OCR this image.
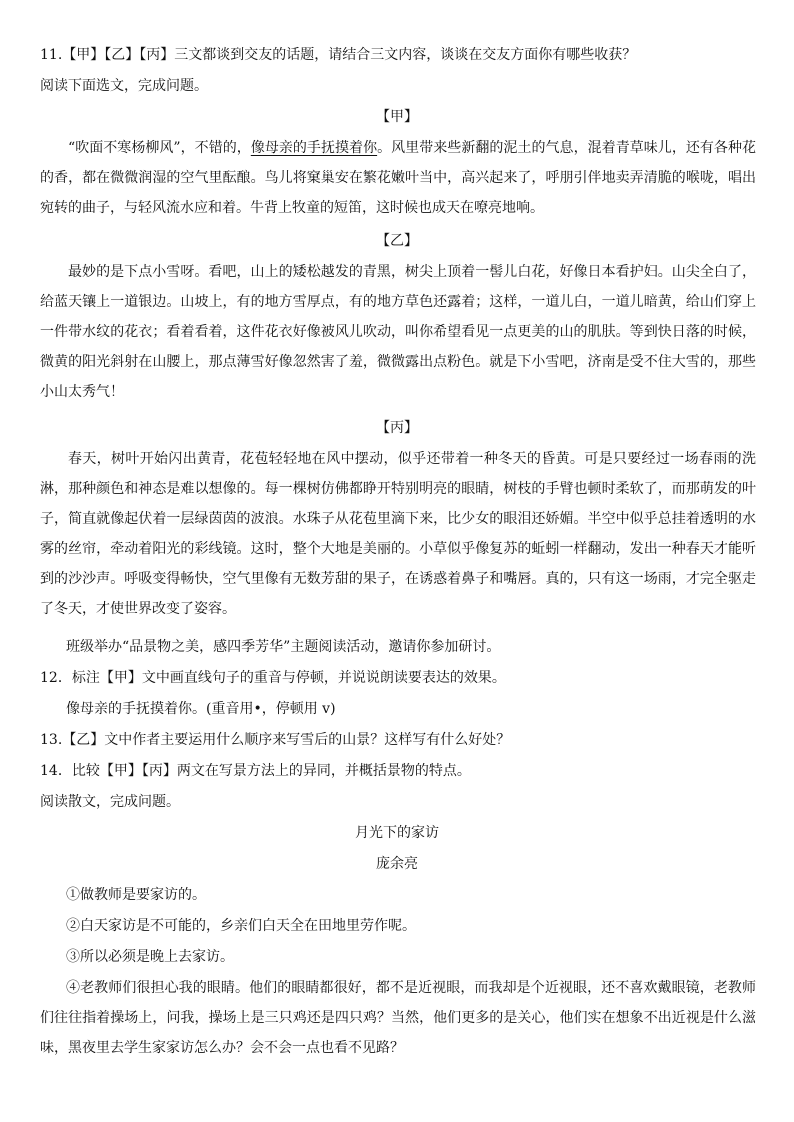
11.【甲】【乙】【丙】三文都谈到交友的话题，请结合三文内容，谈谈在交友方面你有哪些收获？
阅读下面选文，完成问题。
【甲】
“吹面不寒杨柳风”，不错的，像母亲的手抚摸着你。风里带来些新翻的泥土的气息，混着青草味儿，还有各种花的香，都在微微润湿的空气里酝酿。鸟儿将窠巢安在繁花嫩叶当中，高兴起来了，呼朋引伴地卖弄清脆的喉咙，唱出宛转的曲子，与轻风流水应和着。牛背上牧童的短笛，这时候也成天在嘹亮地响。
【乙】
最妙的是下点小雪呀。看吧，山上的矮松越发的青黑，树尖上顶着一髻儿白花，好像日本看护妇。山尖全白了，给蓝天镶上一道银边。山坡上，有的地方雪厚点，有的地方草色还露着；这样，一道儿白，一道儿暗黄，给山们穿上一件带水纹的花衣；看着看着，这件花衣好像被风儿吹动，叫你希望看见一点更美的山的肌肤。等到快日落的时候，微黄的阳光斜射在山腰上，那点薄雪好像忽然害了羞，微微露出点粉色。就是下小雪吧，济南是受不住大雪的，那些小山太秀气！
【丙】
春天，树叶开始闪出黄青，花苞轻轻地在风中摆动，似乎还带着一种冬天的昏黄。可是只要经过一场春雨的洗淋，那种颜色和神态是难以想像的。每一棵树仿佛都睁开特别明亮的眼睛，树枝的手臂也顿时柔软了，而那萌发的叶子，简直就像起伏着一层绿茵茵的波浪。水珠子从花苞里滴下来，比少女的眼泪还娇媚。半空中似乎总挂着透明的水雾的丝帘，牵动着阳光的彩线镜。这时，整个大地是美丽的。小草似乎像复苏的蚯蚓一样翻动，发出一种春天才能听到的沙沙声。呼吸变得畅快，空气里像有无数芳甜的果子，在诱惑着鼻子和嘴唇。真的，只有这一场雨，才完全驱走了冬天，才使世界改变了姿容。
班级举办“品景物之美，感四季芳华”主题阅读活动，邀请你参加研讨。
12．标注【甲】文中画直线句子的重音与停顿，并说说朗读要表达的效果。
像母亲的手抚摸着你。(重音用•，停顿用 v)
13.【乙】文中作者主要运用什么顺序来写雪后的山景？这样写有什么好处？
14．比较【甲】【丙】两文在写景方法上的异同，并概括景物的特点。
阅读散文，完成问题。
月光下的家访
庞余亮
①做教师是要家访的。
②白天家访是不可能的，乡亲们白天全在田地里劳作呢。
③所以必须是晚上去家访。
④老教师们很担心我的眼睛。他们的眼睛都很好，都不是近视眼，而我却是个近视眼，还不喜欢戴眼镜，老教师们往往指着操场上，问我，操场上是三只鸡还是四只鸡？当然，他们更多的是关心，他们实在想象不出近视是什么滋味，黑夜里去学生家家访怎么办？会不会一点也看不见路？
